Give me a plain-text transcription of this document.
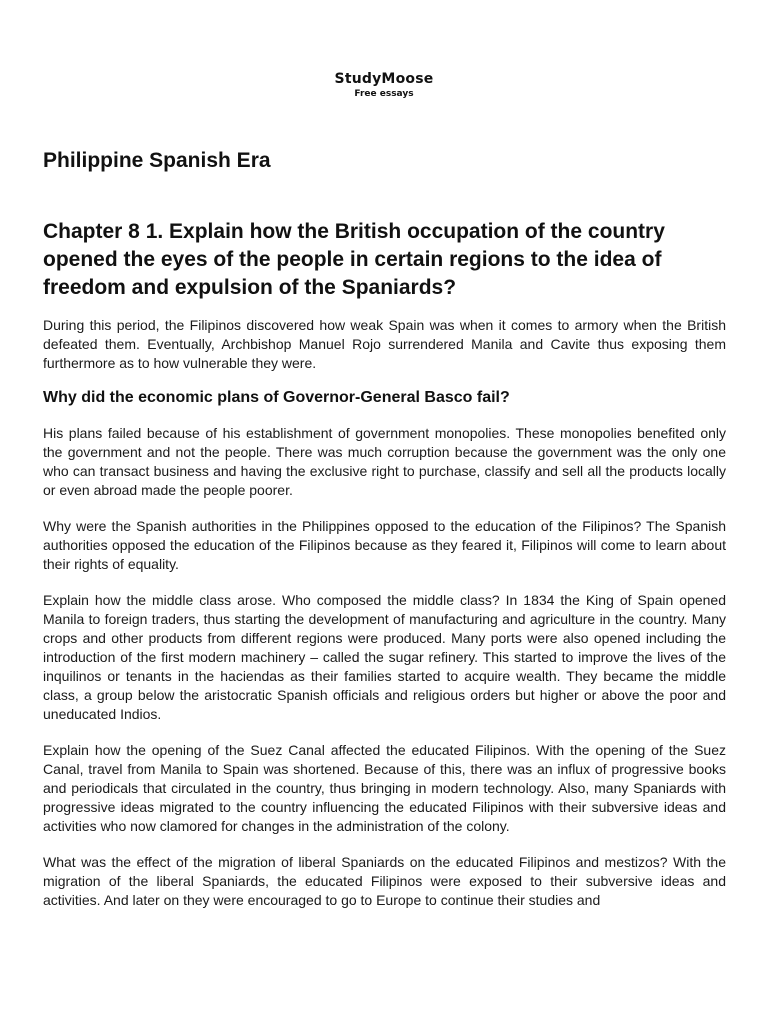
StudyMoose
Free essays
Philippine Spanish Era
Chapter 8 1. Explain how the British occupation of the country opened the eyes of the people in certain regions to the idea of freedom and expulsion of the Spaniards?

During this period, the Filipinos discovered how weak Spain was when it comes to armory when the British defeated them. Eventually, Archbishop Manuel Rojo surrendered Manila and Cavite thus exposing them furthermore as to how vulnerable they were.

Why did the economic plans of Governor-General Basco fail?

His plans failed because of his establishment of government monopolies. These monopolies benefited only the government and not the people. There was much corruption because the government was the only one who can transact business and having the exclusive right to purchase, classify and sell all the products locally or even abroad made the people poorer.

Why were the Spanish authorities in the Philippines opposed to the education of the Filipinos? The Spanish authorities opposed the education of the Filipinos because as they feared it, Filipinos will come to learn about their rights of equality.

Explain how the middle class arose. Who composed the middle class? In 1834 the King of Spain opened Manila to foreign traders, thus starting the development of manufacturing and agriculture in the country. Many crops and other products from different regions were produced. Many ports were also opened including the introduction of the first modern machinery – called the sugar refinery. This started to improve the lives of the inquilinos or tenants in the haciendas as their families started to acquire wealth. They became the middle class, a group below the aristocratic Spanish officials and religious orders but higher or above the poor and uneducated Indios.

Explain how the opening of the Suez Canal affected the educated Filipinos. With the opening of the Suez Canal, travel from Manila to Spain was shortened. Because of this, there was an influx of progressive books and periodicals that circulated in the country, thus bringing in modern technology. Also, many Spaniards with progressive ideas migrated to the country influencing the educated Filipinos with their subversive ideas and activities who now clamored for changes in the administration of the colony.

What was the effect of the migration of liberal Spaniards on the educated Filipinos and mestizos? With the migration of the liberal Spaniards, the educated Filipinos were exposed to their subversive ideas and activities. And later on they were encouraged to go to Europe to continue their studies and
